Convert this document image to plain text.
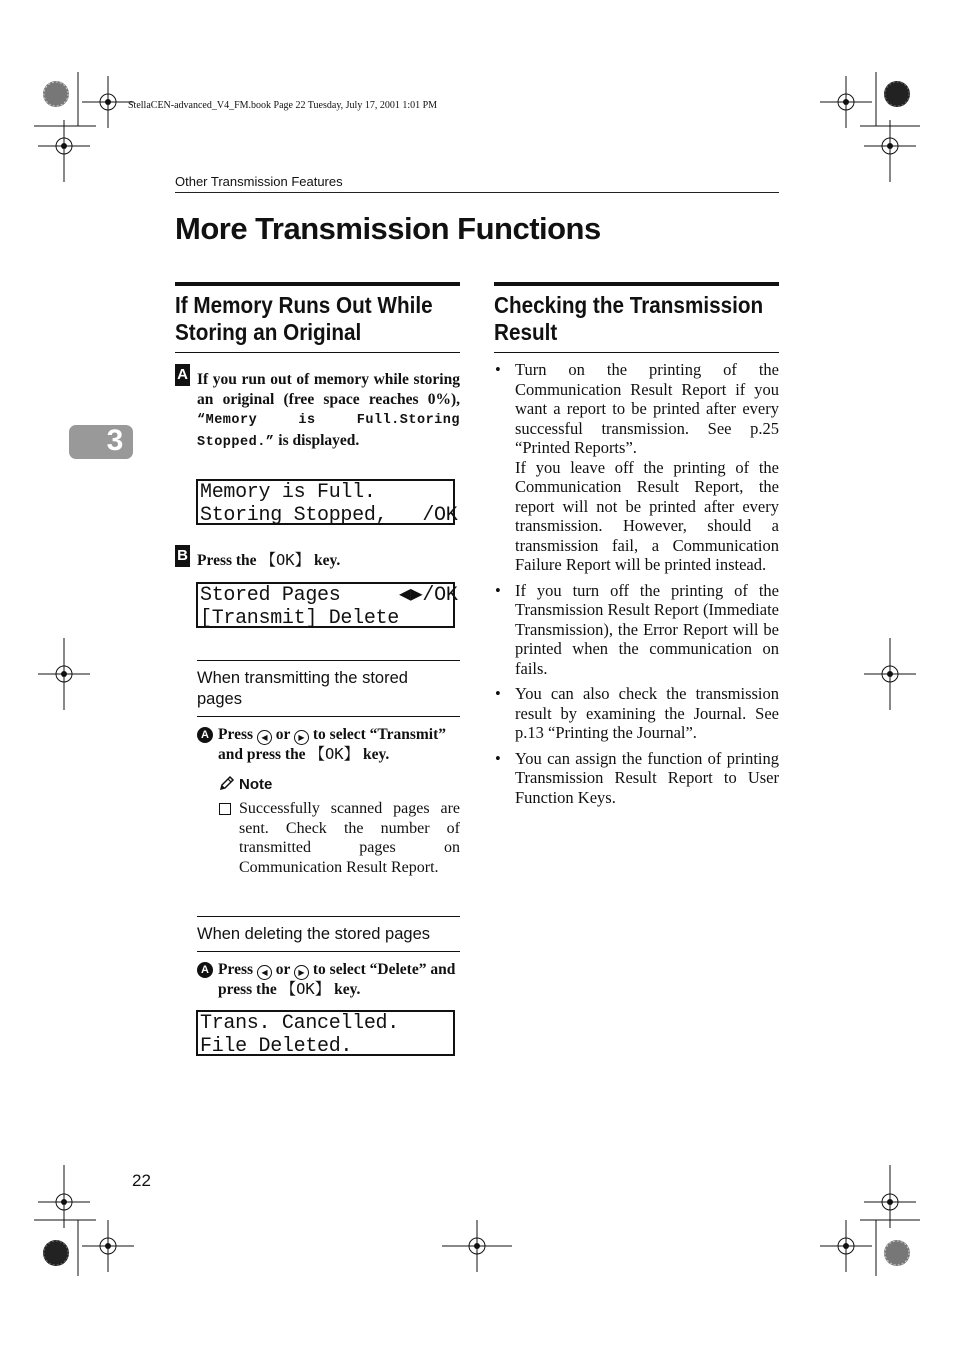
StellaCEN-advanced_V4_FM.book Page 22 Tuesday, July 17, 2001 1:01 PM
Other Transmission Features
More Transmission Functions
3
If Memory Runs Out While
Storing an Original
A If you run out of memory while storing an original (free space reaches 0%), “Memory is Full.Storing Stopped.” is displayed.
Memory is Full.
Storing Stopped,   /OK
B Press the 【OK】 key.
Stored Pages     ◀▶/OK
[Transmit] Delete
When transmitting the stored pages
A Press ◀ or ▶ to select “Transmit” and press the 【OK】 key.
Note
Successfully scanned pages are sent. Check the number of transmitted pages on Communication Result Report.
When deleting the stored pages
A Press ◀ or ▶ to select “Delete” and press the 【OK】 key.
Trans. Cancelled.
File Deleted.
Checking the Transmission
Result
• Turn on the printing of the Communication Result Report if you want a report to be printed after every successful transmission. See p.25 “Printed Reports”.
If you leave off the printing of the Communication Result Report, the report will not be printed after every transmission. However, should a transmission fail, a Communication Failure Report will be printed instead.
• If you turn off the printing of the Transmission Result Report (Immediate Transmission), the Error Report will be printed when the communication on fails.
• You can also check the transmission result by examining the Journal. See p.13 “Printing the Journal”.
• You can assign the function of printing Transmission Result Report to User Function Keys.
22
